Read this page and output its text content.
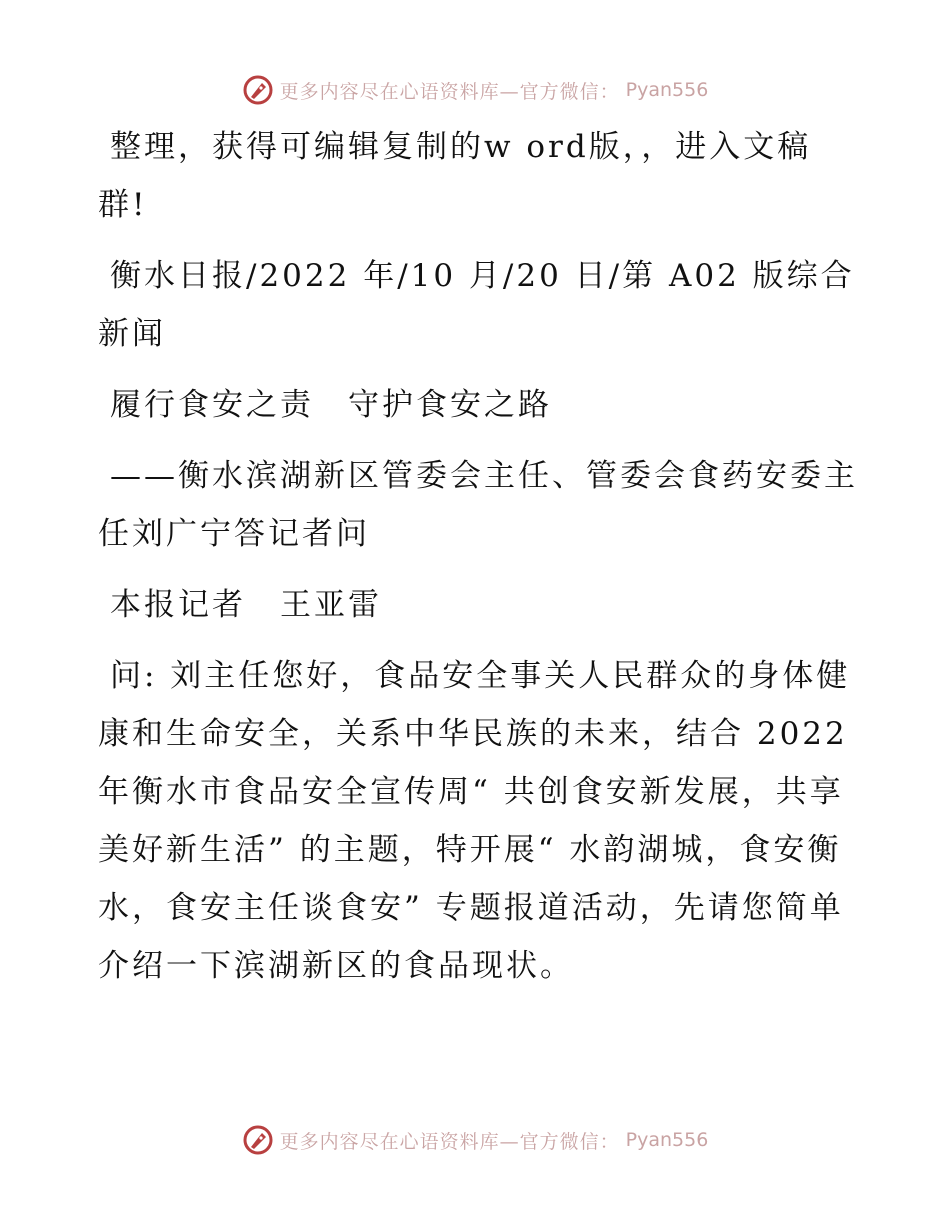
更多内容尽在心语资料库—官方微信： Pyan556

整理，获得可编辑复制的w ord版，，进入文稿群!

衡水日报/2022 年/10 月/20 日/第 A02 版综合新闻

履行食安之责　守护食安之路

——衡水滨湖新区管委会主任、管委会食药安委主任刘广宁答记者问

本报记者　王亚雷

问: 刘主任您好，食品安全事关人民群众的身体健康和生命安全，关系中华民族的未来，结合 2022 年衡水市食品安全宣传周“ 共创食安新发展，共享美好新生活” 的主题，特开展“ 水韵湖城，食安衡水，食安主任谈食安” 专题报道活动，先请您简单介绍一下滨湖新区的食品现状。

更多内容尽在心语资料库—官方微信： Pyan556
